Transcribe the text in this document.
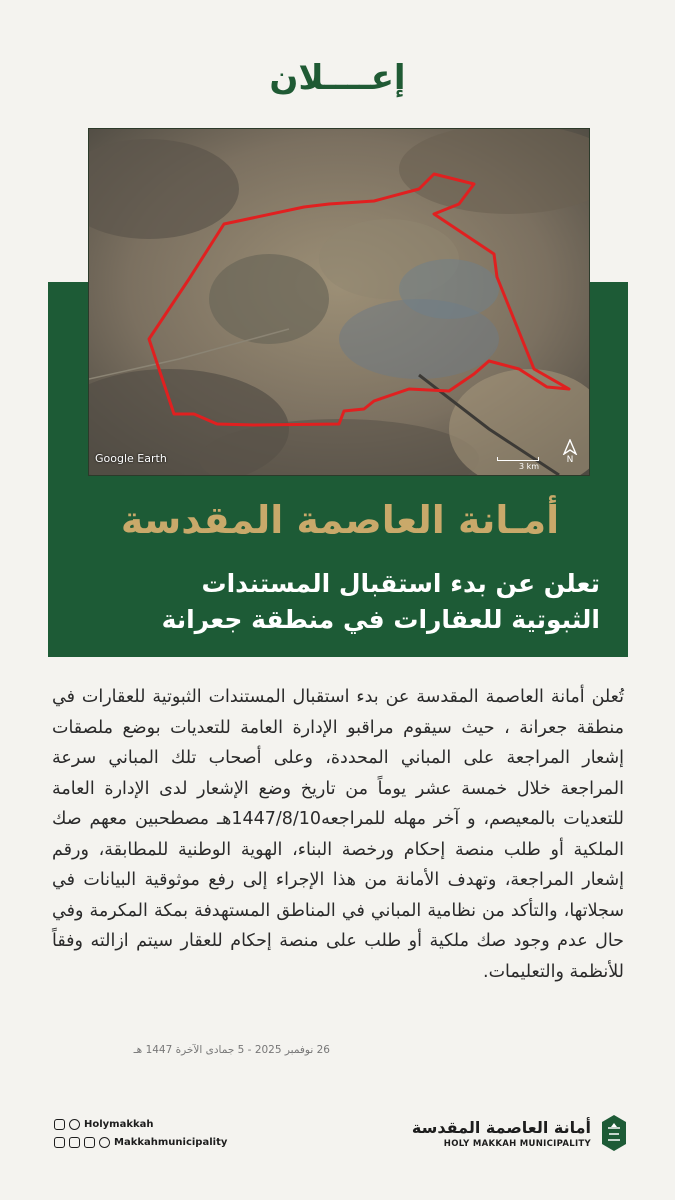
إعــــلان
Google Earth
3 km
N
أمـانة العاصمة المقدسة
تعلن عن بدء استقبال المستندات
الثبوتية للعقارات في منطقة جعرانة
تُعلن أمانة العاصمة المقدسة عن بدء استقبال المستندات الثبوتية للعقارات في منطقة جعرانة ، حيث سيقوم مراقبو الإدارة العامة للتعديات بوضع ملصقات إشعار المراجعة على المباني المحددة، وعلى أصحاب تلك المباني سرعة المراجعة خلال خمسة عشر يوماً من تاريخ وضع الإشعار لدى الإدارة العامة للتعديات بالمعيصم، و آخر مهله للمراجعه1447/8/10هـ مصطحبين معهم صك الملكية أو طلب منصة إحكام ورخصة البناء، الهوية الوطنية للمطابقة، ورقم إشعار المراجعة، وتهدف الأمانة من هذا الإجراء إلى رفع موثوقية البيانات في سجلاتها، والتأكد من نظامية المباني في المناطق المستهدفة بمكة المكرمة وفي حال عدم وجود صك ملكية أو طلب على منصة إحكام للعقار سيتم ازالته وفقاً للأنظمة والتعليمات.
26 نوفمبر 2025 - 5 جمادى الآخرة 1447 هـ
Holymakkah
Makkahmunicipality
أمانة العاصمة المقدسة
HOLY MAKKAH MUNICIPALITY
